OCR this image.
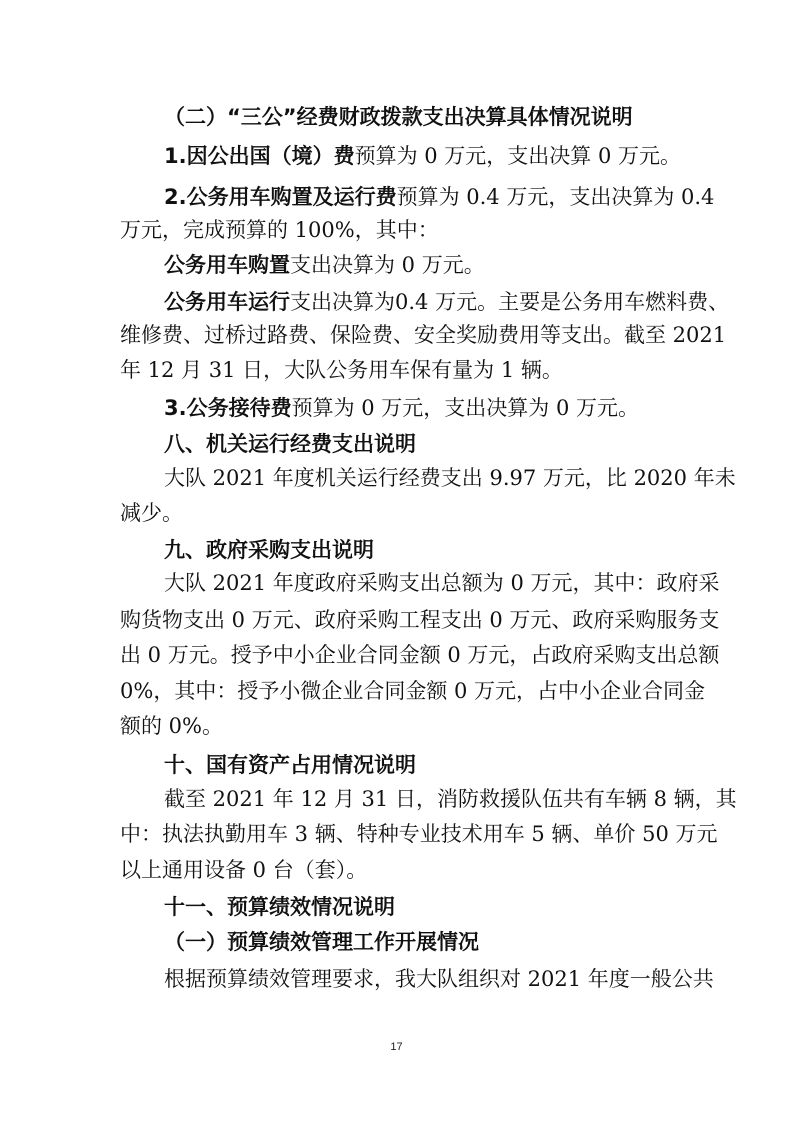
（二）“三公”经费财政拨款支出决算具体情况说明
1.因公出国（境）费预算为 0 万元，支出决算 0 万元。
2.公务用车购置及运行费预算为 0.4 万元，支出决算为 0.4
万元，完成预算的 100%，其中：
公务用车购置支出决算为 0 万元。
公务用车运行支出决算为0.4 万元。主要是公务用车燃料费、
维修费、过桥过路费、保险费、安全奖励费用等支出。截至 2021
年 12 月 31 日，大队公务用车保有量为 1 辆。
3.公务接待费预算为 0 万元，支出决算为 0 万元。
八、机关运行经费支出说明
大队 2021 年度机关运行经费支出 9.97 万元，比 2020 年未
减少。
九、政府采购支出说明
大队 2021 年度政府采购支出总额为 0 万元，其中：政府采
购货物支出 0 万元、政府采购工程支出 0 万元、政府采购服务支
出 0 万元。授予中小企业合同金额 0 万元，占政府采购支出总额
0%，其中：授予小微企业合同金额 0 万元，占中小企业合同金
额的 0%。
十、国有资产占用情况说明
截至 2021 年 12 月 31 日，消防救援队伍共有车辆 8 辆，其
中：执法执勤用车 3 辆、特种专业技术用车 5 辆、单价 50 万元
以上通用设备 0 台（套）。
十一、预算绩效情况说明
（一）预算绩效管理工作开展情况
根据预算绩效管理要求，我大队组织对 2021 年度一般公共
17
